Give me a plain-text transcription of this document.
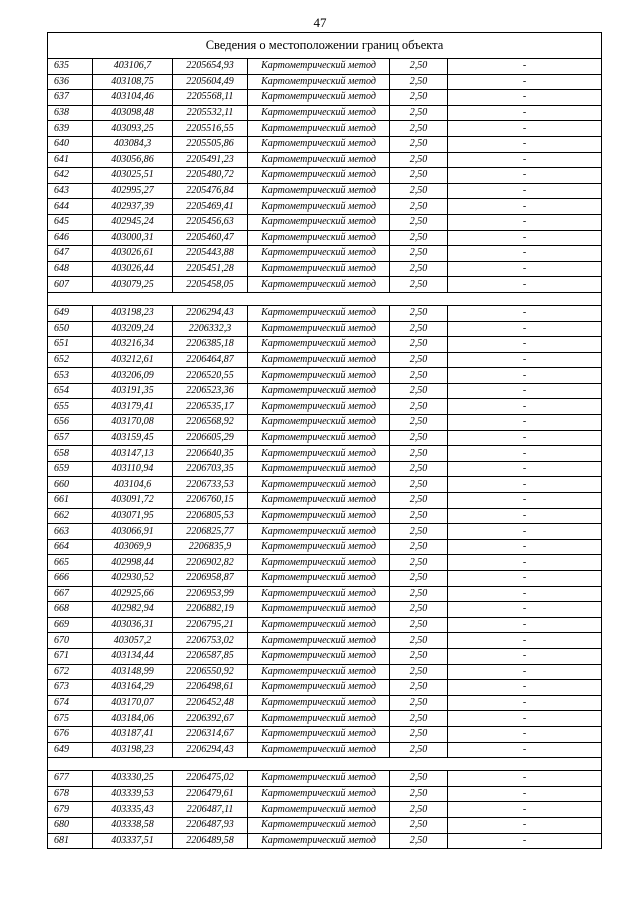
47
Сведения о местоположении границ объекта					
635	403106,7	2205654,93	Картометрический метод	2,50	-
636	403108,75	2205604,49	Картометрический метод	2,50	-
637	403104,46	2205568,11	Картометрический метод	2,50	-
638	403098,48	2205532,11	Картометрический метод	2,50	-
639	403093,25	2205516,55	Картометрический метод	2,50	-
640	403084,3	2205505,86	Картометрический метод	2,50	-
641	403056,86	2205491,23	Картометрический метод	2,50	-
642	403025,51	2205480,72	Картометрический метод	2,50	-
643	402995,27	2205476,84	Картометрический метод	2,50	-
644	402937,39	2205469,41	Картометрический метод	2,50	-
645	402945,24	2205456,63	Картометрический метод	2,50	-
646	403000,31	2205460,47	Картометрический метод	2,50	-
647	403026,61	2205443,88	Картометрический метод	2,50	-
648	403026,44	2205451,28	Картометрический метод	2,50	-
607	403079,25	2205458,05	Картометрический метод	2,50	-

649	403198,23	2206294,43	Картометрический метод	2,50	-
650	403209,24	2206332,3	Картометрический метод	2,50	-
651	403216,34	2206385,18	Картометрический метод	2,50	-
652	403212,61	2206464,87	Картометрический метод	2,50	-
653	403206,09	2206520,55	Картометрический метод	2,50	-
654	403191,35	2206523,36	Картометрический метод	2,50	-
655	403179,41	2206535,17	Картометрический метод	2,50	-
656	403170,08	2206568,92	Картометрический метод	2,50	-
657	403159,45	2206605,29	Картометрический метод	2,50	-
658	403147,13	2206640,35	Картометрический метод	2,50	-
659	403110,94	2206703,35	Картометрический метод	2,50	-
660	403104,6	2206733,53	Картометрический метод	2,50	-
661	403091,72	2206760,15	Картометрический метод	2,50	-
662	403071,95	2206805,53	Картометрический метод	2,50	-
663	403066,91	2206825,77	Картометрический метод	2,50	-
664	403069,9	2206835,9	Картометрический метод	2,50	-
665	402998,44	2206902,82	Картометрический метод	2,50	-
666	402930,52	2206958,87	Картометрический метод	2,50	-
667	402925,66	2206953,99	Картометрический метод	2,50	-
668	402982,94	2206882,19	Картометрический метод	2,50	-
669	403036,31	2206795,21	Картометрический метод	2,50	-
670	403057,2	2206753,02	Картометрический метод	2,50	-
671	403134,44	2206587,85	Картометрический метод	2,50	-
672	403148,99	2206550,92	Картометрический метод	2,50	-
673	403164,29	2206498,61	Картометрический метод	2,50	-
674	403170,07	2206452,48	Картометрический метод	2,50	-
675	403184,06	2206392,67	Картометрический метод	2,50	-
676	403187,41	2206314,67	Картометрический метод	2,50	-
649	403198,23	2206294,43	Картометрический метод	2,50	-

677	403330,25	2206475,02	Картометрический метод	2,50	-
678	403339,53	2206479,61	Картометрический метод	2,50	-
679	403335,43	2206487,11	Картометрический метод	2,50	-
680	403338,58	2206487,93	Картометрический метод	2,50	-
681	403337,51	2206489,58	Картометрический метод	2,50	-
